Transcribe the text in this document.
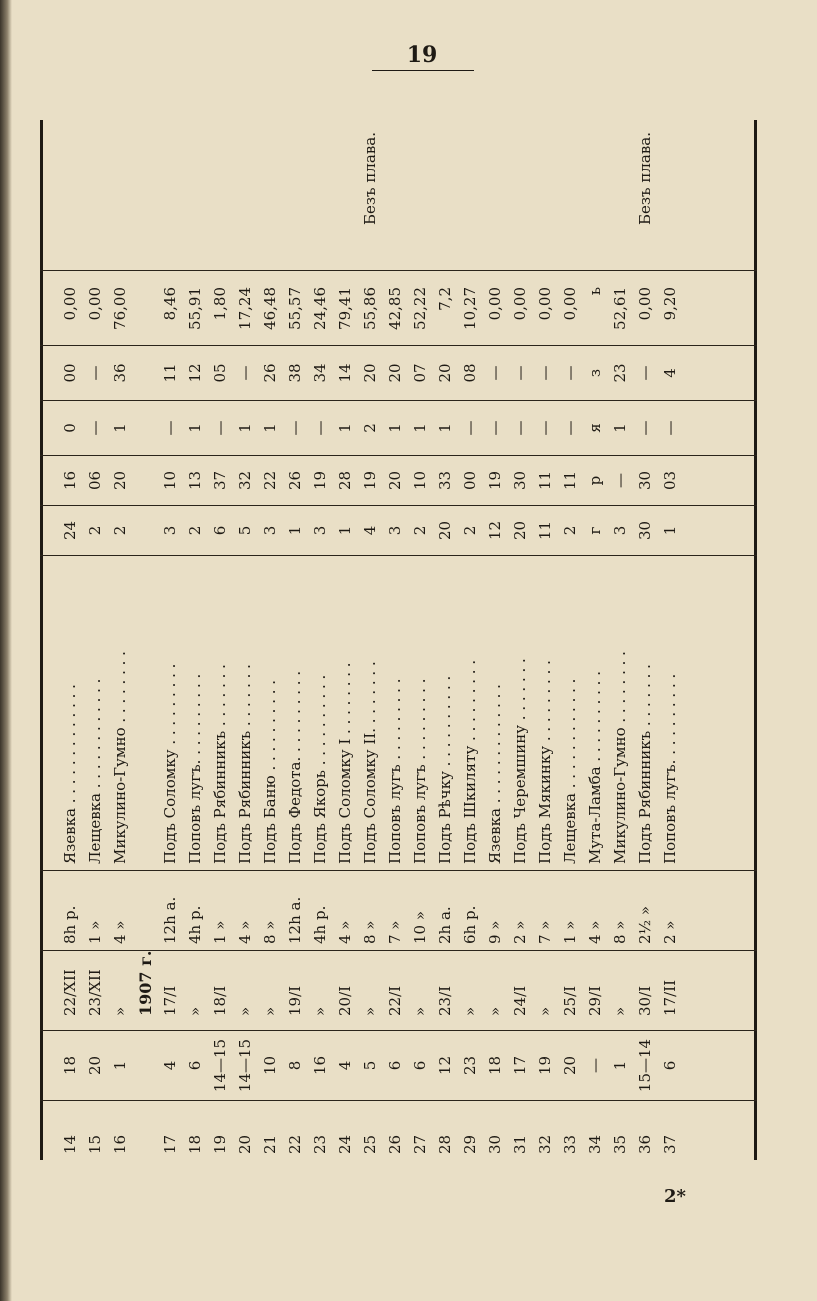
19
14 15 16 17 18 19 20 21 22 23 24 25 26 27 28 29 30 31 32 33 34 35 36 37
18 20 1 4 6 14—15 14—15 10 8 16 4 5 6 6 12 23 18 17 19 20 — 1 15—14 6
22/XII 23/XII » 1907 г. 17/I » 18/I » » 19/I » 20/I » 22/I » 23/I » » 24/I » 25/I 29/I » 30/I 17/II
8h р. 1 » 4 » 12h а. 4h р. 1 » 4 » 8 » 12h а. 4h р. 4 » 8 » 7 » 10 » 2h а. 6h р. 9 » 2 » 7 » 1 » 4 » 8 » 2½ » 2 »
Язевка . . . . . . . . . . . . . Лещевка . . . . . . . . . . . . Микулино-Гумно . . . . . . . . Подъ Соломку . . . . . . . . . Поповъ лугъ. . . . . . . . . . Подъ Рябинникъ . . . . . . . Подъ Рябинникъ . . . . . . . Подъ Баню . . . . . . . . . . Подъ Федота. . . . . . . . . . Подъ Якорь . . . . . . . . . . Подъ Соломку I . . . . . . . . Подъ Соломку II. . . . . . . . Поповъ лугъ . . . . . . . . . Поповъ лугъ . . . . . . . . . Подъ Рѣчку . . . . . . . . . . Подъ Шкиляту . . . . . . . . . Язевка . . . . . . . . . . . . . Подъ Черемшину . . . . . . . Подъ Мякинку . . . . . . . . . Лещевка . . . . . . . . . . . . Мута-Ламба . . . . . . . . . . Микулино-Гумно . . . . . . . . Подъ Рябинникъ . . . . . . . Поповъ лугъ. . . . . . . . . .
24 2 2 3 2 6 5 3 1 3 1 4 3 2 20 2 12 20 11 2 г 3 30 1
16 06 20 10 13 37 32 22 26 19 28 19 20 10 33 00 19 30 11 11 р — 30 03
0 — 1 — 1 — 1 1 — — 1 2 1 1 1 — — — — — я 1 — —
00 — 36 11 12 05 — 26 38 34 14 20 20 07 20 08 — — — — з 23 — 4
0,00 0,00 76,00 8,46 55,91 1,80 17,24 46,48 55,57 24,46 79,41 55,86 42,85 52,22 7,2 10,27 0,00 0,00 0,00 0,00 ь 52,61 0,00 9,20
Безъ плава.	Безъ плава.
2*
